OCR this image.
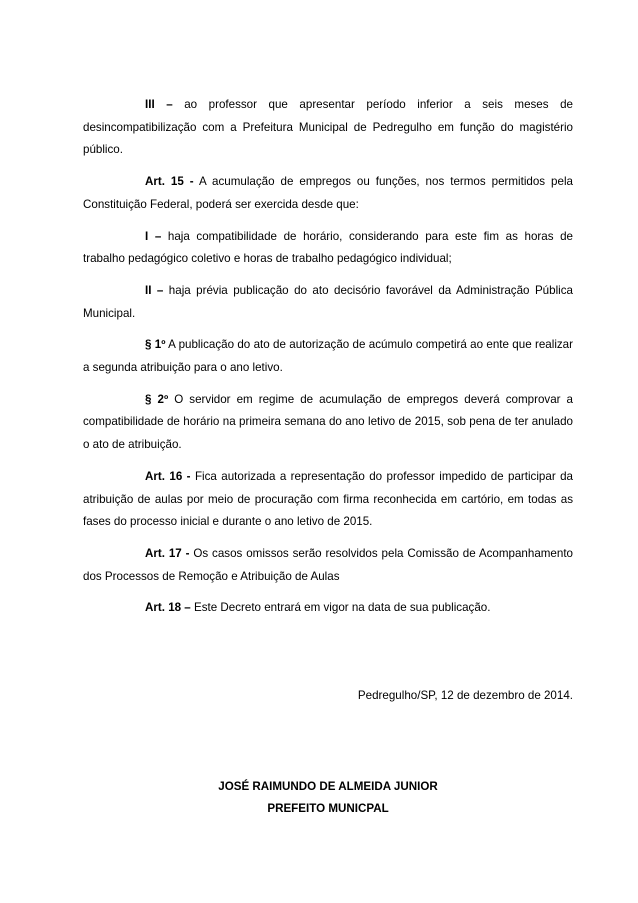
III – ao professor que apresentar período inferior a seis meses de desincompatibilização com a Prefeitura Municipal de Pedregulho em função do magistério público.

Art. 15 - A acumulação de empregos ou funções, nos termos permitidos pela Constituição Federal, poderá ser exercida desde que:

I – haja compatibilidade de horário, considerando para este fim as horas de trabalho pedagógico coletivo e horas de trabalho pedagógico individual;

II – haja prévia publicação do ato decisório favorável da Administração Pública Municipal.

§ 1º A publicação do ato de autorização de acúmulo competirá ao ente que realizar a segunda atribuição para o ano letivo.

§ 2º O servidor em regime de acumulação de empregos deverá comprovar a compatibilidade de horário na primeira semana do ano letivo de 2015, sob pena de ter anulado o ato de atribuição.

Art. 16 - Fica autorizada a representação do professor impedido de participar da atribuição de aulas por meio de procuração com firma reconhecida em cartório, em todas as fases do processo inicial e durante o ano letivo de 2015.

Art. 17 - Os casos omissos serão resolvidos pela Comissão de Acompanhamento dos Processos de Remoção e Atribuição de Aulas

Art. 18 – Este Decreto entrará em vigor na data de sua publicação.

Pedregulho/SP, 12 de dezembro de 2014.

JOSÉ RAIMUNDO DE ALMEIDA JUNIOR

PREFEITO MUNICPAL
